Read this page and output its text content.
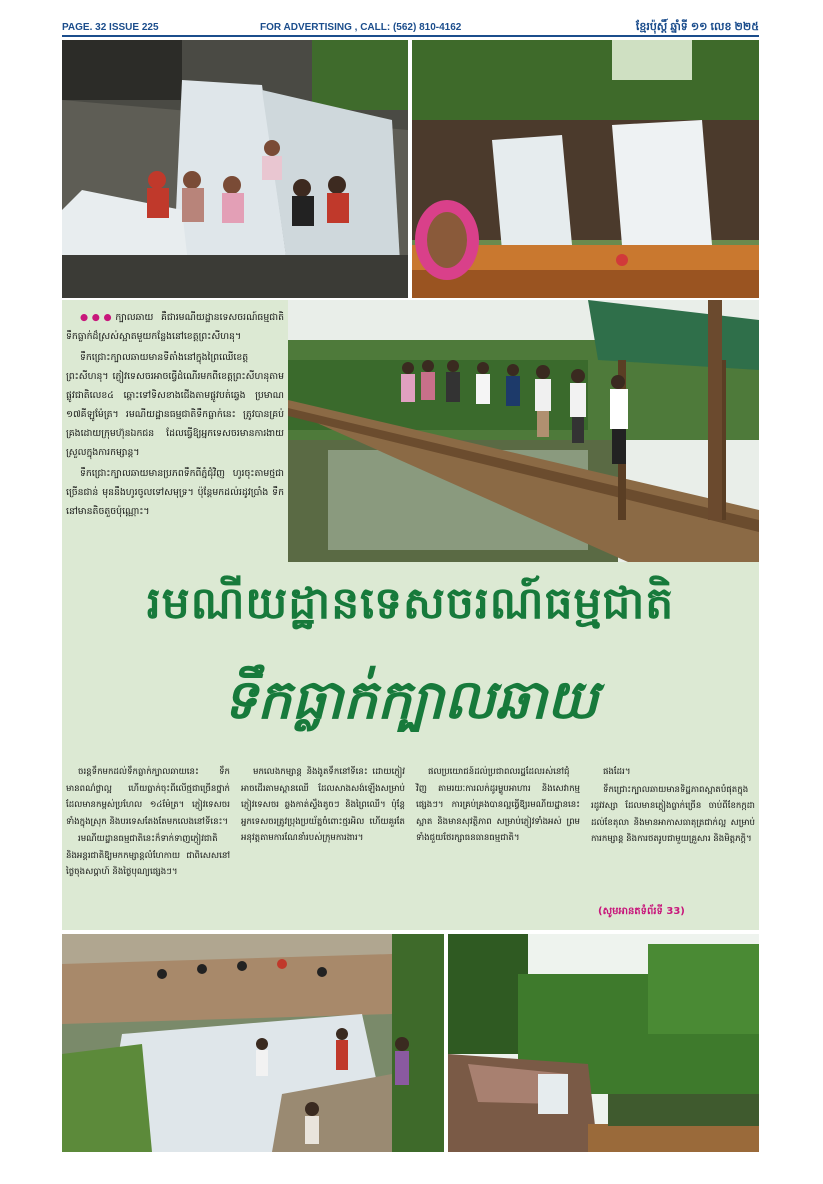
PAGE. 32 ISSUE 225	FOR ADVERTISING , CALL: (562) 810-4162	ខ្មែរប៉ុស្តិ៍ ឆ្នាំទី ១១ លេខ ២២៥

●●●ក្បាលឆាយ គឺជារមណីយដ្ឋានទេសចរណ៍ធម្មជាតិទឹកធ្លាក់ដ៏ស្រស់ស្អាតមួយកន្លែងនៅខេត្តព្រះសីហនុ។

ទឹកជ្រោះក្បាលឆាយមានទីតាំងនៅក្នុងព្រៃឈើខេត្តព្រះសីហនុ។ ភ្ញៀវទេសចរអាចធ្វើដំណើរមកពីខេត្តព្រះសីហនុតាមផ្លូវជាតិលេខ៤ ឆ្ពោះទៅទិសខាងជើងតាមផ្លូវបត់ឆ្វេង ប្រមាណ ១៧គីឡូម៉ែត្រ។ រមណីយដ្ឋានធម្មជាតិទឹកធ្លាក់នេះ ត្រូវបានគ្រប់គ្រងដោយក្រុមហ៊ុនឯកជន ដែលធ្វើឱ្យអ្នកទេសចរមានការងាយស្រួលក្នុងការកម្សាន្ត។

ទឹកជ្រោះក្បាលឆាយមានប្រភពទឹកពីភ្នំជុំវិញ ហូរចុះតាមថ្មជាច្រើនជាន់ មុននឹងហូរចូលទៅសមុទ្រ។ ប៉ុន្តែមកដល់រដូវប្រាំង ទឹកនៅមានតិចតួចប៉ុណ្ណោះ។

រមណីយដ្ឋានទេសចរណ៍ធម្មជាតិ
ទឹកធ្លាក់ក្បាលឆាយ

ចរន្តទឹកមកដល់ទឹកធ្លាក់ក្បាលឆាយនេះ ទឹកមានពណ៌ថ្លាល្អ ហើយធ្លាក់ចុះពីលើថ្មជាច្រើនថ្នាក់ ដែលមានកម្ពស់ប្រហែល ១៤ម៉ែត្រ។ ភ្ញៀវទេសចរទាំងក្នុងស្រុក និងបរទេសតែងតែមកលេងនៅទីនេះ។

រមណីយដ្ឋានធម្មជាតិនេះក៏ទាក់ទាញភ្ញៀវជាតិ និងអន្តរជាតិឱ្យមកកម្សាន្តលំហែកាយ ជាពិសេសនៅថ្ងៃចុងសប្តាហ៍ និងថ្ងៃបុណ្យផ្សេងៗ។

មកលេងកម្សាន្ត និងងូតទឹកនៅទីនេះ ដោយភ្ញៀវអាចដើរតាមស្ពានឈើ ដែលសាងសង់ឡើងសម្រាប់ភ្ញៀវទេសចរ ឆ្លងកាត់ស្ទឹងតូចៗ និងព្រៃឈើ។ ប៉ុន្តែអ្នកទេសចរត្រូវប្រុងប្រយ័ត្នចំពោះថ្មរអិល ហើយគួរតែអនុវត្តតាមការណែនាំរបស់ក្រុមការងារ។

ផលប្រយោជន៍ដល់ប្រជាពលរដ្ឋដែលរស់នៅជុំវិញ តាមរយៈការលក់ដូរម្ហូបអាហារ និងសេវាកម្មផ្សេងៗ។ ការគ្រប់គ្រងបានល្អធ្វើឱ្យរមណីយដ្ឋាននេះស្អាត និងមានសុវត្ថិភាព សម្រាប់ភ្ញៀវទាំងអស់ ព្រមទាំងជួយថែរក្សាធនធានធម្មជាតិ។

ផងដែរ។

ទឹកជ្រោះក្បាលឆាយមានទិដ្ឋភាពស្អាតបំផុតក្នុងរដូវវស្សា ដែលមានភ្លៀងធ្លាក់ច្រើន ចាប់ពីខែកក្កដាដល់ខែតុលា និងមានអាកាសធាតុត្រជាក់ល្អ សម្រាប់ការកម្សាន្ត និងការថតរូបជាមួយគ្រួសារ និងមិត្តភក្តិ។

(សូមអានតទំព័រទី 33)
